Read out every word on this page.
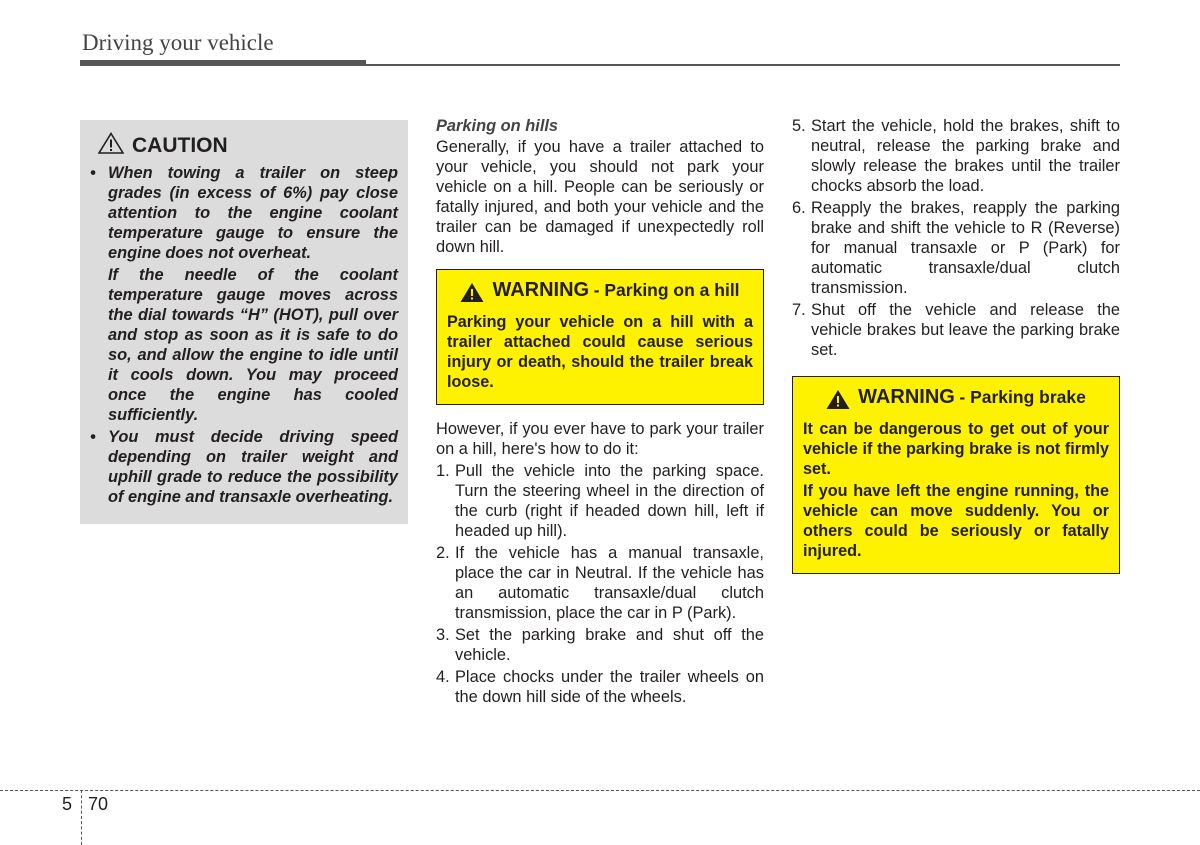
Driving your vehicle
CAUTION
• When towing a trailer on steep grades (in excess of 6%) pay close attention to the engine coolant temperature gauge to ensure the engine does not overheat.
If the needle of the coolant temperature gauge moves across the dial towards “H” (HOT), pull over and stop as soon as it is safe to do so, and allow the engine to idle until it cools down. You may proceed once the engine has cooled sufficiently.
• You must decide driving speed depending on trailer weight and uphill grade to reduce the possibility of engine and transaxle overheating.
Parking on hills

Generally, if you have a trailer attached to your vehicle, you should not park your vehicle on a hill. People can be seriously or fatally injured, and both your vehicle and the trailer can be damaged if unexpectedly roll down hill.

WARNING - Parking on a hill

Parking your vehicle on a hill with a trailer attached could cause serious injury or death, should the trailer break loose.

However, if you ever have to park your trailer on a hill, here's how to do it:

1. Pull the vehicle into the parking space. Turn the steering wheel in the direction of the curb (right if headed down hill, left if headed up hill).
2. If the vehicle has a manual transaxle, place the car in Neutral. If the vehicle has an automatic transaxle/dual clutch transmission, place the car in P (Park).
3. Set the parking brake and shut off the vehicle.
4. Place chocks under the trailer wheels on the down hill side of the wheels.
5. Start the vehicle, hold the brakes, shift to neutral, release the parking brake and slowly release the brakes until the trailer chocks absorb the load.
6. Reapply the brakes, reapply the parking brake and shift the vehicle to R (Reverse) for manual transaxle or P (Park) for automatic transaxle/dual clutch transmission.
7. Shut off the vehicle and release the vehicle brakes but leave the parking brake set.
WARNING - Parking brake

It can be dangerous to get out of your vehicle if the parking brake is not firmly set.

If you have left the engine running, the vehicle can move suddenly. You or others could be seriously or fatally injured.

5 70
